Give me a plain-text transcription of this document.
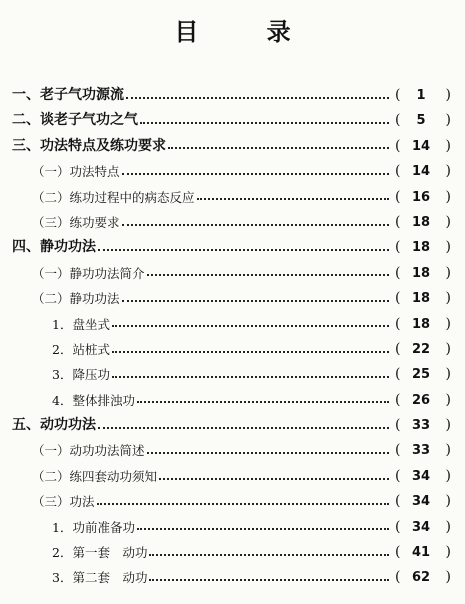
目 录
一、老子气功源流	(	1	)
二、谈老子气功之气	(	5	)
三、功法特点及练功要求	( 14	)
（一）功法特点	( 14	)
（二）练功过程中的病态反应	( 16	)
（三）练功要求	( 18	)
四、静功功法	( 18	)
（一）静功功法简介	( 18	)
（二）静功功法	( 18	)
1．盘坐式	( 18	)
2．站桩式	( 22	)
3．降压功	( 25	)
4．整体排浊功	( 26	)
五、动功功法	( 33	)
（一）动功功法简述	( 33	)
（二）练四套动功须知	( 34	)
（三）功法	( 34	)
1．功前准备功	( 34	)
2．第一套　动功	( 41	)
3．第二套　动功	( 62	)
